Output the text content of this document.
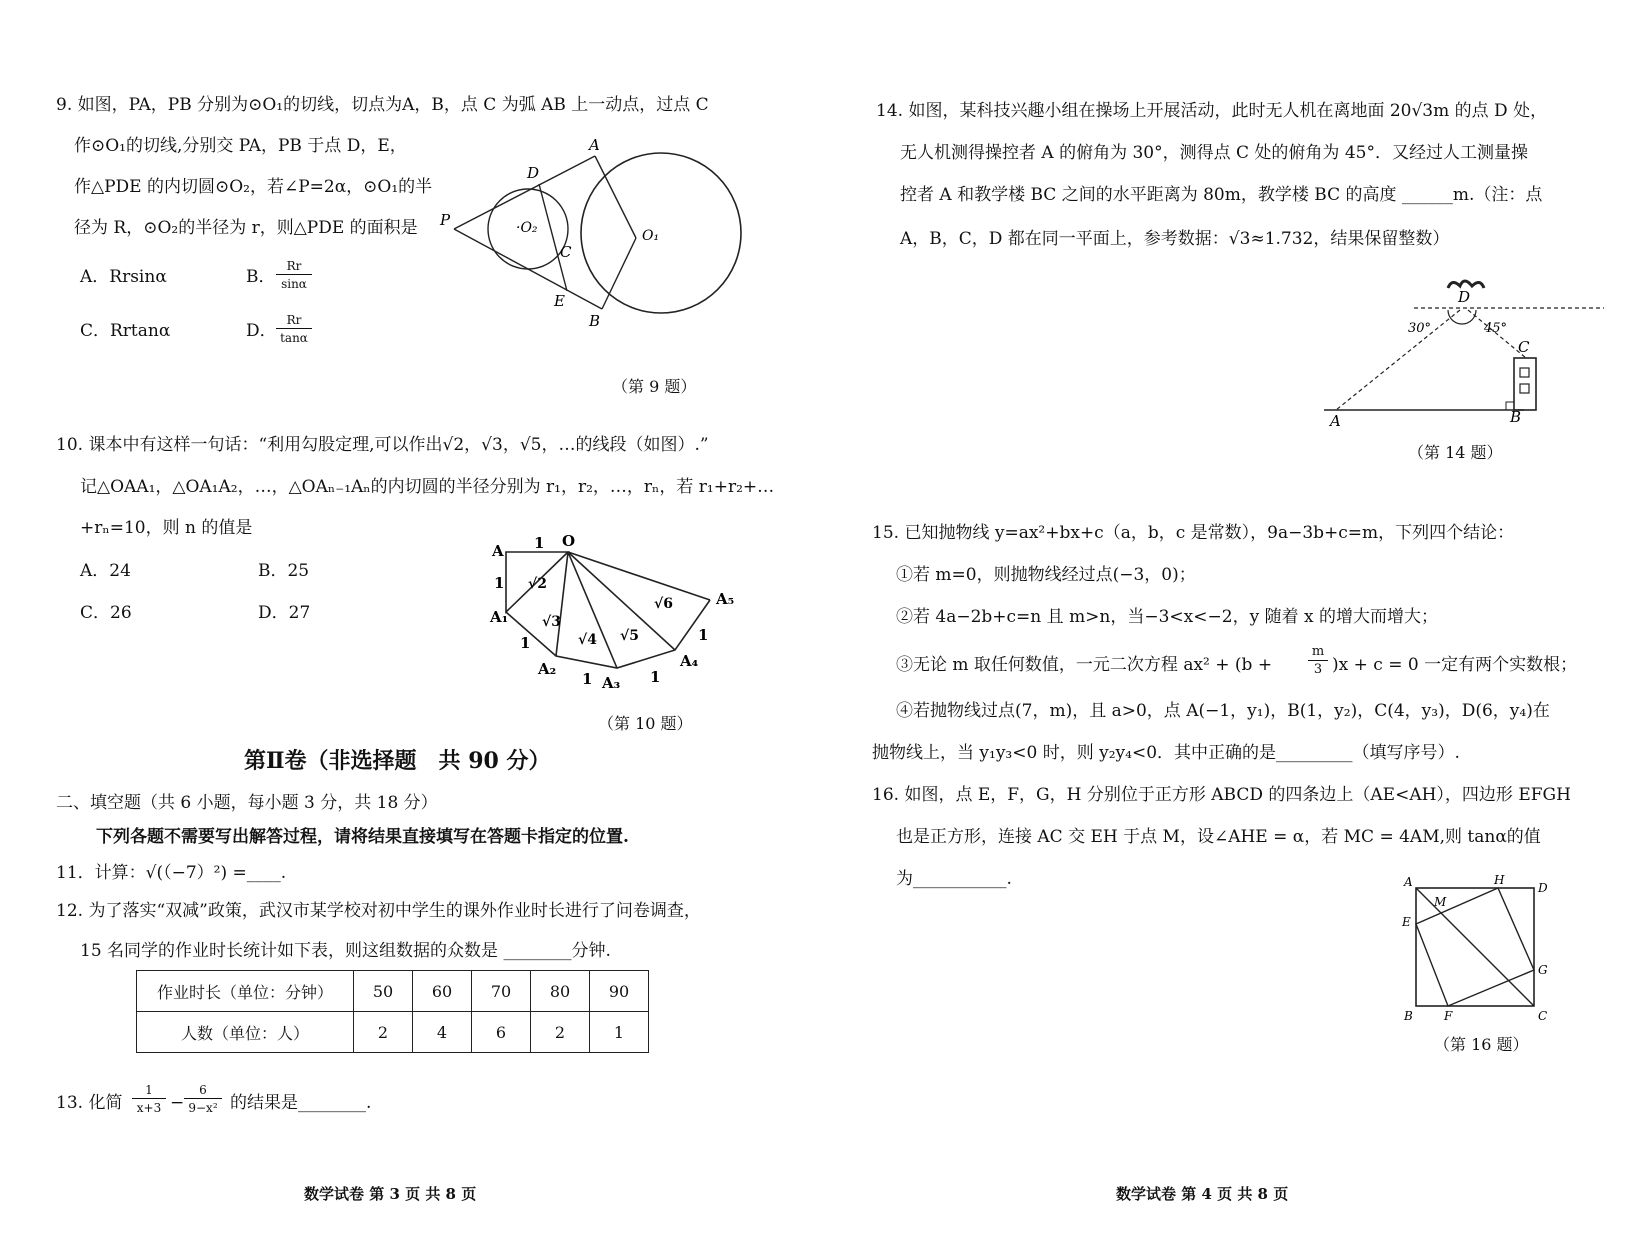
9. 如图，PA，PB 分别为⊙O₁的切线，切点为A，B，点 C 为弧 AB 上一动点，过点 C
作⊙O₁的切线,分别交 PA，PB 于点 D，E，
作△PDE 的内切圆⊙O₂，若∠P=2α，⊙O₁的半
径为 R，⊙O₂的半径为 r，则△PDE 的面积是
A．Rrsinα	B．
Rr
sinα
C．Rrtanα	D．
Rr
tanα
A
B
C
D
E
P
O₁
·O₂
（第 9 题）
10. 课本中有这样一句话：“利用勾股定理,可以作出√2，√3，√5，…的线段（如图）.”
记△OAA₁，△OA₁A₂，…，△OAₙ₋₁Aₙ的内切圆的半径分别为 r₁，r₂，…，rₙ，若 r₁+r₂+…
+rₙ=10，则 n 的值是
A．24	B．25
C．26	D．27
A
O
A₁
A₂
A₃
A₄
A₅
1
1
1
1	1
1
√2
√3
√4 √5
√6
（第 10 题）
第Ⅱ卷（非选择题　共 90 分）
二、填空题（共 6 小题，每小题 3 分，共 18 分）
下列各题不需要写出解答过程，请将结果直接填写在答题卡指定的位置.
11．计算：√(（−7）²) =____.
12. 为了落实“双减”政策，武汉市某学校对初中学生的课外作业时长进行了问卷调查，
15 名同学的作业时长统计如下表，则这组数据的众数是 ________分钟.
作业时长（单位：分钟）	50	60	70	80	90
人数（单位：人）	2	4	6	2	1
13. 化简
1
x+3 −
6
9−x² 的结果是________.
数学试卷 第 3 页 共 8 页
14. 如图，某科技兴趣小组在操场上开展活动，此时无人机在离地面 20√3m 的点 D 处，
无人机测得操控者 A 的俯角为 30°，测得点 C 处的俯角为 45°．又经过人工测量操
控者 A 和教学楼 BC 之间的水平距离为 80m，教学楼 BC 的高度 ______m.（注：点
A，B，C，D 都在同一平面上，参考数据：√3≈1.732，结果保留整数）
30°	45°
A	B
C
D
（第 14 题）
15. 已知抛物线 y=ax²+bx+c（a，b，c 是常数），9a−3b+c=m，下列四个结论：
①若 m=0，则抛物线经过点(−3，0)；
②若 4a−2b+c=n 且 m>n，当−3<x<−2，y 随着 x 的增大而增大；
③无论 m 取任何数值，一元二次方程 ax² + (b +
m
3 )x + c = 0 一定有两个实数根；
④若抛物线过点(7，m)，且 a>0，点 A(−1，y₁)，B(1，y₂)，C(4，y₃)，D(6，y₄)在
抛物线上，当 y₁y₃<0 时，则 y₂y₄<0．其中正确的是_________（填写序号）.
16. 如图，点 E，F，G，H 分别位于正方形 ABCD 的四条边上（AE<AH），四边形 EFGH
也是正方形，连接 AC 交 EH 于点 M，设∠AHE = α，若 MC = 4AM,则 tanα的值
为___________.	A
B	C
D
E
F
G
H
M
（第 16 题）
数学试卷 第 4 页 共 8 页
